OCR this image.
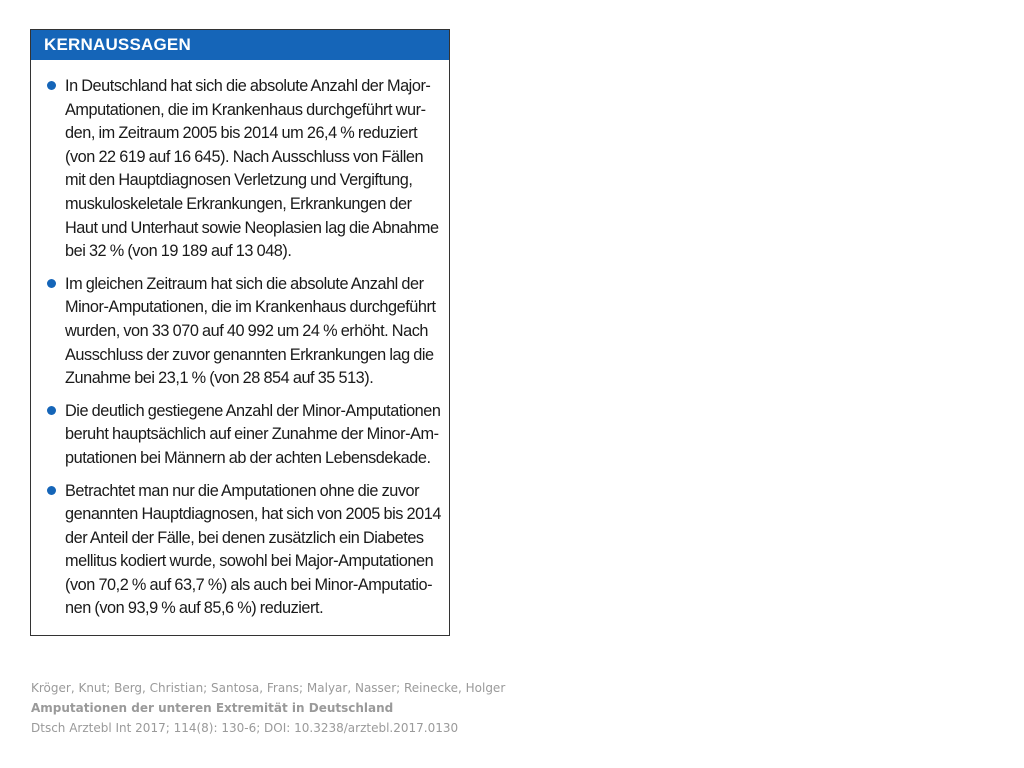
KERNAUSSAGEN
In Deutschland hat sich die absolute Anzahl der Major-
Amputationen, die im Krankenhaus durchgeführt wur-
den, im Zeitraum 2005 bis 2014 um 26,4 % reduziert
(von 22 619 auf 16 645). Nach Ausschluss von Fällen
mit den Hauptdiagnosen Verletzung und Vergiftung,
muskuloskeletale Erkrankungen, Erkrankungen der
Haut und Unterhaut sowie Neoplasien lag die Abnahme
bei 32 % (von 19 189 auf 13 048).
Im gleichen Zeitraum hat sich die absolute Anzahl der
Minor-Amputationen, die im Krankenhaus durchgeführt
wurden, von 33 070 auf 40 992 um 24 % erhöht. Nach
Ausschluss der zuvor genannten Erkrankungen lag die
Zunahme bei 23,1 % (von 28 854 auf 35 513).
Die deutlich gestiegene Anzahl der Minor-Amputationen
beruht hauptsächlich auf einer Zunahme der Minor-Am-
putationen bei Männern ab der achten Lebensdekade.
Betrachtet man nur die Amputationen ohne die zuvor
genannten Hauptdiagnosen, hat sich von 2005 bis 2014
der Anteil der Fälle, bei denen zusätzlich ein Diabetes
mellitus kodiert wurde, sowohl bei Major-Amputationen
(von 70,2 % auf 63,7 %) als auch bei Minor-Amputatio-
nen (von 93,9 % auf 85,6 %) reduziert.
Kröger, Knut; Berg, Christian; Santosa, Frans; Malyar, Nasser; Reinecke, Holger
Amputationen der unteren Extremität in Deutschland
Dtsch Arztebl Int 2017; 114(8): 130-6; DOI: 10.3238/arztebl.2017.0130
